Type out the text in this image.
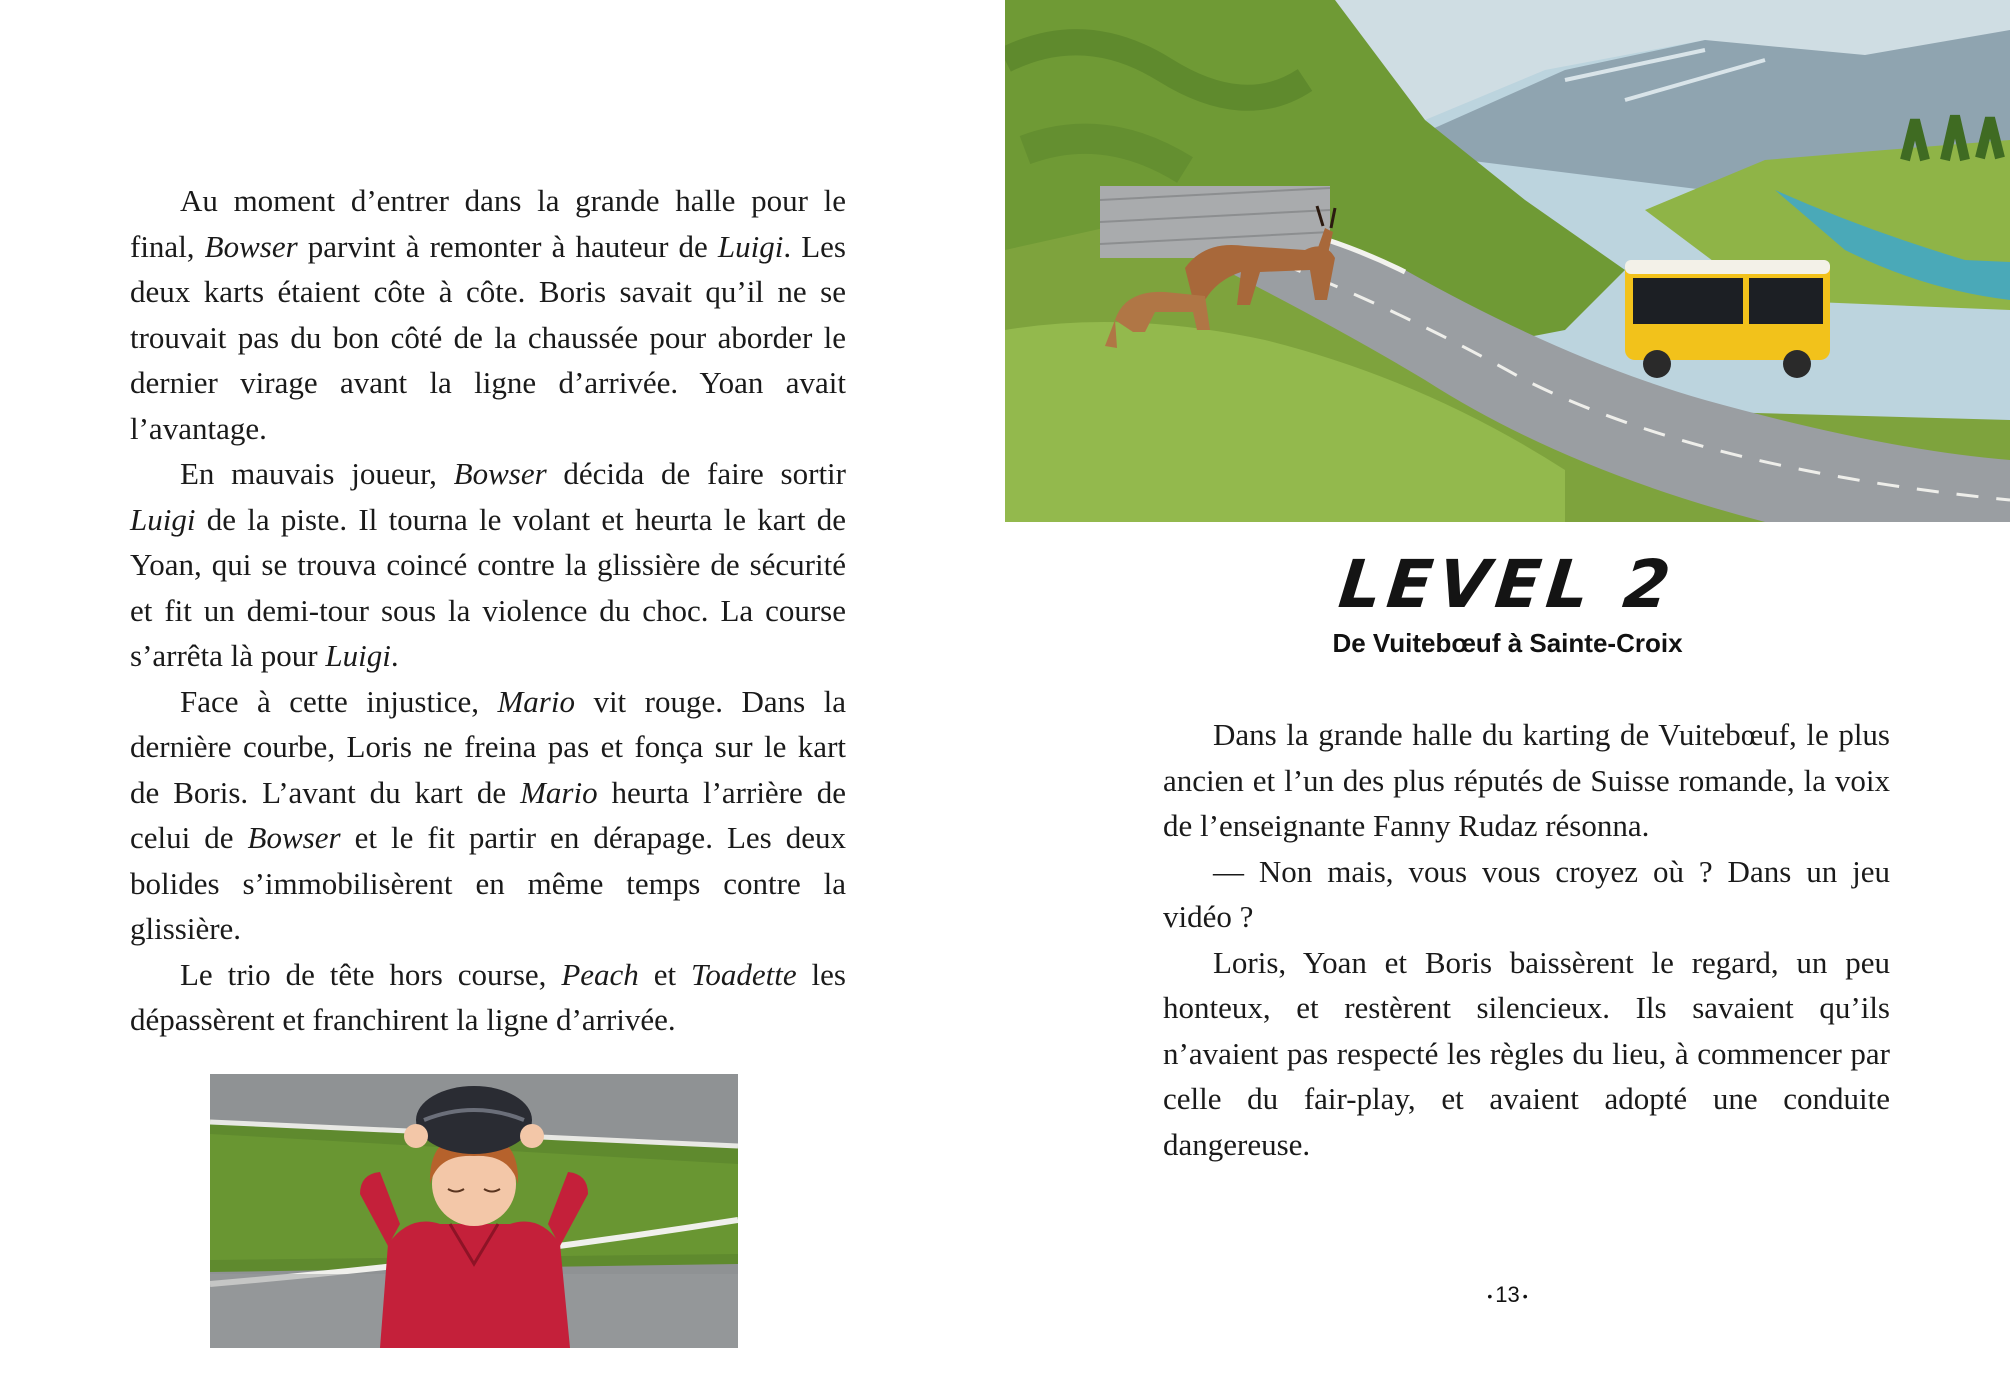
Au moment d’entrer dans la grande halle pour le final, Bowser parvint à remonter à hauteur de Luigi. Les deux karts étaient côte à côte. Boris savait qu’il ne se trouvait pas du bon côté de la chaussée pour aborder le dernier virage avant la ligne d’arrivée. Yoan avait l’avantage.

En mauvais joueur, Bowser décida de faire sortir Luigi de la piste. Il tourna le volant et heurta le kart de Yoan, qui se trouva coincé contre la glissière de sécurité et fit un demi-tour sous la violence du choc. La course s’arrêta là pour Luigi.

Face à cette injustice, Mario vit rouge. Dans la dernière courbe, Loris ne freina pas et fonça sur le kart de Boris. L’avant du kart de Mario heurta l’arrière de celui de Bowser et le fit partir en dérapage. Les deux bolides s’immobilisèrent en même temps contre la glissière.

Le trio de tête hors course, Peach et Toadette les dépassèrent et franchirent la ligne d’arrivée.

LEVEL 2
De Vuitebœuf à Sainte-Croix

Dans la grande halle du karting de Vuitebœuf, le plus ancien et l’un des plus réputés de Suisse romande, la voix de l’enseignante Fanny Rudaz résonna.

— Non mais, vous vous croyez où ? Dans un jeu vidéo ?

Loris, Yoan et Boris baissèrent le regard, un peu honteux, et restèrent silencieux. Ils savaient qu’ils n’avaient pas respecté les règles du lieu, à commencer par celle du fair-play, et avaient adopté une conduite dangereuse.

• 13 •
